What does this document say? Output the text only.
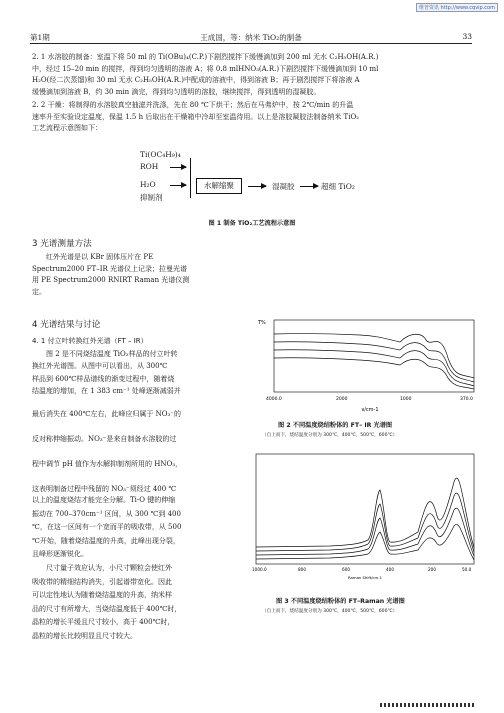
维普资讯 http://www.cqvip.com
第1期	王成国，等：纳米 TiO₂的制备	33
2. 1 水溶胶的制备：室温下将 50 ml 的 Ti(OBu)₄(C.P.)下剧烈搅拌下缓慢滴加到 200 ml 无水 C₂H₅OH(A.R.)
中，经过 15–20 min 的搅拌，得到均匀透明的溶液 A；将 0.8 mlHNO₃(A.R.)下剧烈搅拌下缓慢滴加到 10 ml
H₂O(经二次蒸馏)和 30 ml 无水 C₂H₅OH(A.R.)中配成的溶液中，得到溶液 B；再于剧烈搅拌下将溶液 A
缓慢滴加到溶液 B，约 30 min 滴完，得到均匀透明的溶胶，继续搅拌，得到透明的湿凝胶。
2. 2 干燥：将制得的水溶胶真空抽滤并洗涤，先在 80 ℃下烘干；然后在马弗炉中，按 2℃/min 的升温
速率升至实验设定温度，保温 1.5 h 后取出在干燥箱中冷却至室温待用。以上是溶胶凝胶法制备纳米 TiO₂
工艺流程示意图如下：
Ti(OC₄H₉)₄
ROH
H₂O
抑制剂
水解缩聚	湿凝胶	超细 TiO₂
图 1 制备 TiO₂工艺流程示意图
3 光谱测量方法
红外光谱是以 KBr 固体压片在 PE
Spectrum2000 FT–IR 光谱仪上记录；拉曼光谱
用 PE Spectrum2000 RNIRT Raman 光谱仪测
定。
4 光谱结果与讨论
4. 1 付立叶转换红外光谱（FT – IR）
图 2 是不同烧结温度 TiO₂样品的付立叶转
换红外光谱图。从图中可以看出，从 300℃
样品到 600℃样品谱线的渐变过程中，随着烧
结温度的增加，在 1 383 cm⁻¹ 处峰逐渐减弱并
最后消失在 400℃左右，此峰应归属于 NO₃⁻的
反对称伸缩振动。NO₃⁻是来自制备水溶胶的过
程中调节 pH 值作为水解抑制剂所用的 HNO₃，
这表明制备过程中残留的 NO₃⁻须经过 400 ℃
以上的温度烧结才能完全分解。Ti-O 键的伸缩
振动在 700–370cm⁻¹ 区间，从 300 ℃到 400
℃，在这一区间有一个宽而平的吸收带，从 500
℃开始，随着烧结温度的升高，此峰出现分裂，
且峰形逐渐锐化。
尺寸量子效应认为，小尺寸颗粒会使红外
吸收带的精细结构消失，引起谱带宽化。因此
可以定性地认为随着烧结温度的升高，纳米样
品的尺寸有所增大，当烧结温度低于 400℃时，
晶粒的增长平缓且尺寸较小，高于 400℃时，
晶粒的增长比较明显且尺寸较大。
T%
4000.0	2000	1000	370.0
ν/cm-1
图 2 不同温度烧结粉体的 FT– IR 光谱图
（自上而下，烧结温度分别为 300℃，400℃，500℃，600℃）
1000.0	800	600	400	200	50.0
Raman Shift/cm-1
图 3 不同温度烧结粉体的 FT–Raman 光谱图
（自上而下，烧结温度分别为 300℃，400℃，500℃，600℃）
